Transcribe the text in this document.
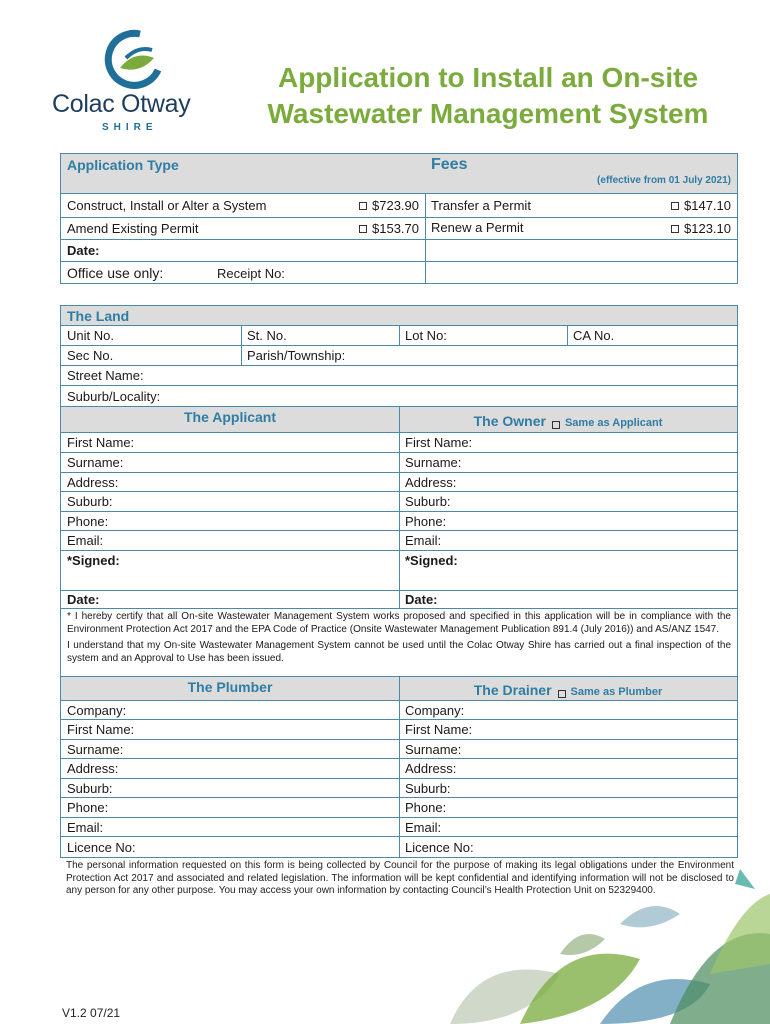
Colac Otway
SHIRE
Application to Install an On-site
Wastewater Management System
Application Type	Fees
(effective from 01 July 2021)
Construct, Install or Alter a System	$723.90 Transfer a Permit	$147.10
Amend Existing Permit	$153.70 Renew a Permit	$123.10
Date:
Office use only:	Receipt No:
The Land
Unit No.	St. No.	Lot No:	CA No.
Sec No.	Parish/Township:
Street Name:
Suburb/Locality:
The Applicant	The Owner Same as Applicant
First Name:	First Name:
Surname:	Surname:
Address:	Address:
Suburb:	Suburb:
Phone:	Phone:
Email:	Email:
*Signed:	*Signed:
Date:	Date:
* I hereby certify that all On-site Wastewater Management System works proposed and specified in this application will be in compliance with the Environment Protection Act 2017 and the EPA Code of Practice (Onsite Wastewater Management Publication 891.4 (July 2016)) and AS/ANZ 1547.
I understand that my On-site Wastewater Management System cannot be used until the Colac Otway Shire has carried out a final inspection of the system and an Approval to Use has been issued.
The Plumber	The Drainer Same as Plumber
Company:	Company:
First Name:	First Name:
Surname:	Surname:
Address:	Address:
Suburb:	Suburb:
Phone:	Phone:
Email:	Email:
Licence No:	Licence No:
The personal information requested on this form is being collected by Council for the purpose of making its legal obligations under the Environment Protection Act 2017 and associated and related legislation. The information will be kept confidential and identifying information will not be disclosed to any person for any other purpose. You may access your own information by contacting Council’s Health Protection Unit on 52329400.
V1.2 07/21
